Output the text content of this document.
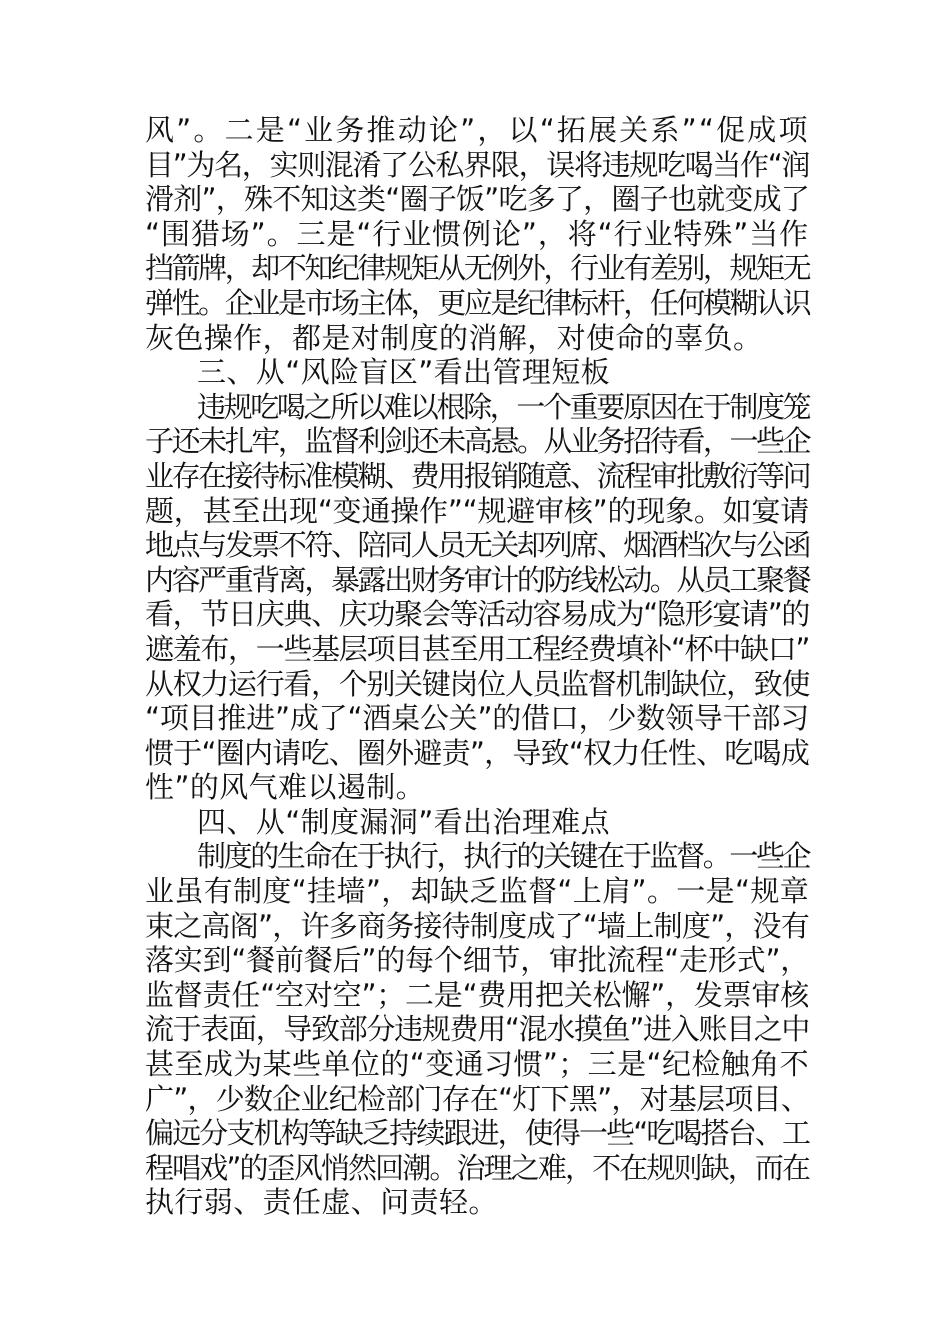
风”。二是“业务推动论”，以“拓展关系”“促成项
目”为名，实则混淆了公私界限，误将违规吃喝当作“润
滑剂”，殊不知这类“圈子饭”吃多了，圈子也就变成了
“围猎场”。三是“行业惯例论”，将“行业特殊”当作
挡箭牌，却不知纪律规矩从无例外，行业有差别，规矩无
弹性。企业是市场主体，更应是纪律标杆，任何模糊认识
灰色操作，都是对制度的消解，对使命的辜负。
三、从“风险盲区”看出管理短板
违规吃喝之所以难以根除，一个重要原因在于制度笼
子还未扎牢，监督利剑还未高悬。从业务招待看，一些企
业存在接待标准模糊、费用报销随意、流程审批敷衍等问
题，甚至出现“变通操作”“规避审核”的现象。如宴请
地点与发票不符、陪同人员无关却列席、烟酒档次与公函
内容严重背离，暴露出财务审计的防线松动。从员工聚餐
看，节日庆典、庆功聚会等活动容易成为“隐形宴请”的
遮羞布，一些基层项目甚至用工程经费填补“杯中缺口”
从权力运行看，个别关键岗位人员监督机制缺位，致使
“项目推进”成了“酒桌公关”的借口，少数领导干部习
惯于“圈内请吃、圈外避责”，导致“权力任性、吃喝成
性”的风气难以遏制。
四、从“制度漏洞”看出治理难点
制度的生命在于执行，执行的关键在于监督。一些企
业虽有制度“挂墙”，却缺乏监督“上肩”。一是“规章
束之高阁”，许多商务接待制度成了“墙上制度”，没有
落实到“餐前餐后”的每个细节，审批流程“走形式”，
监督责任“空对空”；二是“费用把关松懈”，发票审核
流于表面，导致部分违规费用“混水摸鱼”进入账目之中
甚至成为某些单位的“变通习惯”；三是“纪检触角不
广”，少数企业纪检部门存在“灯下黑”，对基层项目、
偏远分支机构等缺乏持续跟进，使得一些“吃喝搭台、工
程唱戏”的歪风悄然回潮。治理之难，不在规则缺，而在
执行弱、责任虚、问责轻。
